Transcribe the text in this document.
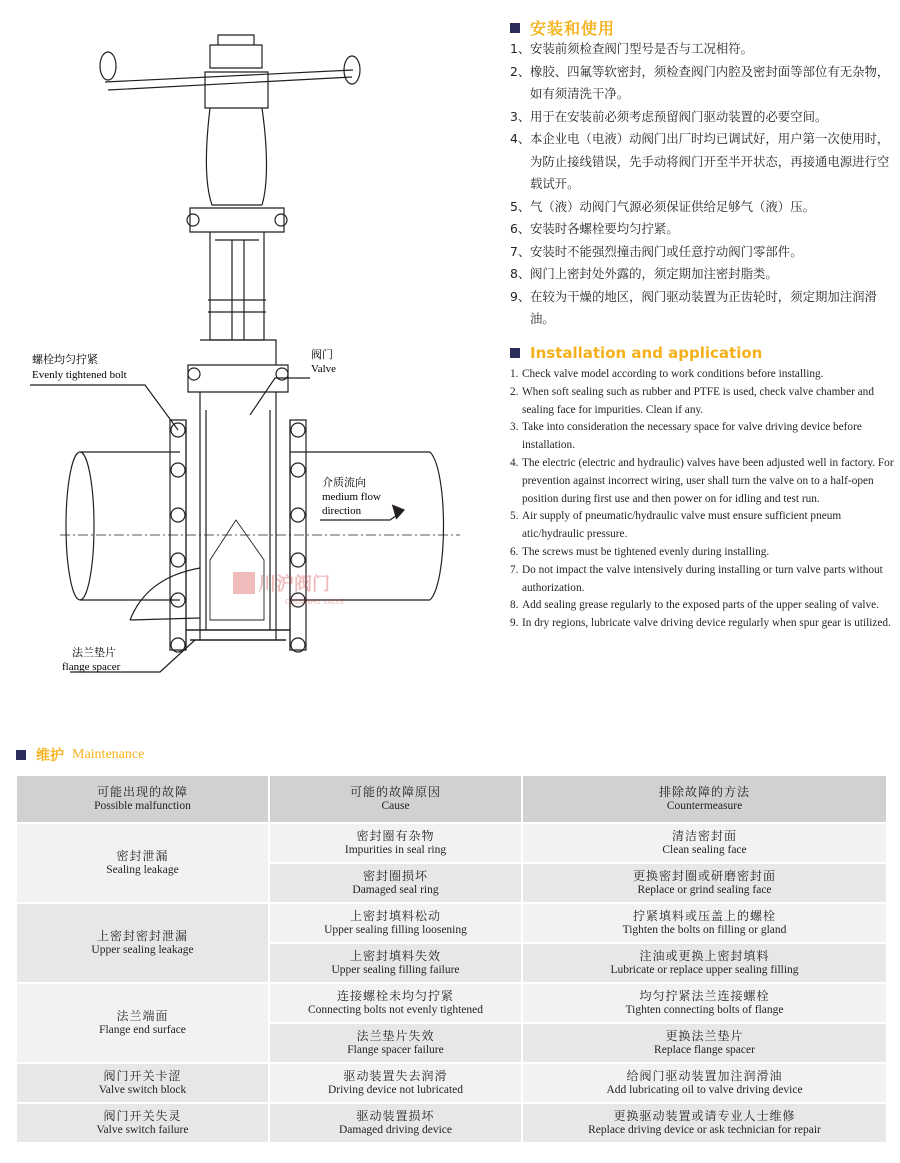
川沪阀门
CHUANHU VALVE
螺栓均匀拧紧
Evenly tightened bolt
阀门
Valve
介质流向
medium flow
direction
法兰垫片
flange spacer
安装和使用
1、 安装前须检查阀门型号是否与工况相符。
2、 橡胶、四氟等软密封，须检查阀门内腔及密封面等部位有无杂物，如有须清洗干净。
3、 用于在安装前必须考虑预留阀门驱动装置的必要空间。
4、 本企业电（电液）动阀门出厂时均已调试好，用户第一次使用时，为防止接线错误，先手动将阀门开至半开状态，再接通电源进行空载试开。
5、 气（液）动阀门气源必须保证供给足够气（液）压。
6、 安装时各螺栓要均匀拧紧。
7、 安装时不能强烈撞击阀门或任意拧动阀门零部件。
8、 阀门上密封处外露的，须定期加注密封脂类。
9、 在较为干燥的地区，阀门驱动装置为正齿轮时，须定期加注润滑油。
Installation and application
1. Check valve model according to work conditions before installing.
2. When soft sealing such as rubber and PTFE is used, check valve chamber and sealing face for impurities. Clean if any.
3. Take into consideration the necessary space for valve driving device before installation.
4. The electric (electric and hydraulic) valves have been adjusted well in factory. For prevention against incorrect wiring, user shall turn the valve on to a half-open position during first use and then power on for idling and test run.
5. Air supply of pneumatic/hydraulic valve must ensure sufficient pneum atic/hydraulic pressure.
6. The screws must be tightened evenly during installing.
7. Do not impact the valve intensively during installing or turn valve parts without authorization.
8. Add sealing grease regularly to the exposed parts of the upper sealing of valve.
9. In dry regions, lubricate valve driving device regularly when spur gear is utilized.
维护 Maintenance
可能出现的故障
Possible malfunction	可能的故障原因
Cause	排除故障的方法
Countermeasure

密封泄漏
Sealing leakage	密封圈有杂物
Impurities in seal ring	清洁密封面
Clean sealing face

	密封圈损坏
Damaged seal ring	更换密封圈或研磨密封面
Replace or grind sealing face

上密封密封泄漏
Upper sealing leakage	上密封填料松动
Upper sealing filling loosening	拧紧填料或压盖上的螺栓
Tighten the bolts on filling or gland

	上密封填料失效
Upper sealing filling failure	注油或更换上密封填料
Lubricate or replace upper sealing filling

法兰端面
Flange end surface	连接螺栓未均匀拧紧
Connecting bolts not evenly tightened	均匀拧紧法兰连接螺栓
Tighten connecting bolts of flange

	法兰垫片失效
Flange spacer failure	更换法兰垫片
Replace flange spacer

阀门开关卡涩
Valve switch block	驱动装置失去润滑
Driving device not lubricated	给阀门驱动装置加注润滑油
Add lubricating oil to valve driving device

阀门开关失灵
Valve switch failure	驱动装置损坏
Damaged driving device	更换驱动装置或请专业人士维修
Replace driving device or ask technician for repair
